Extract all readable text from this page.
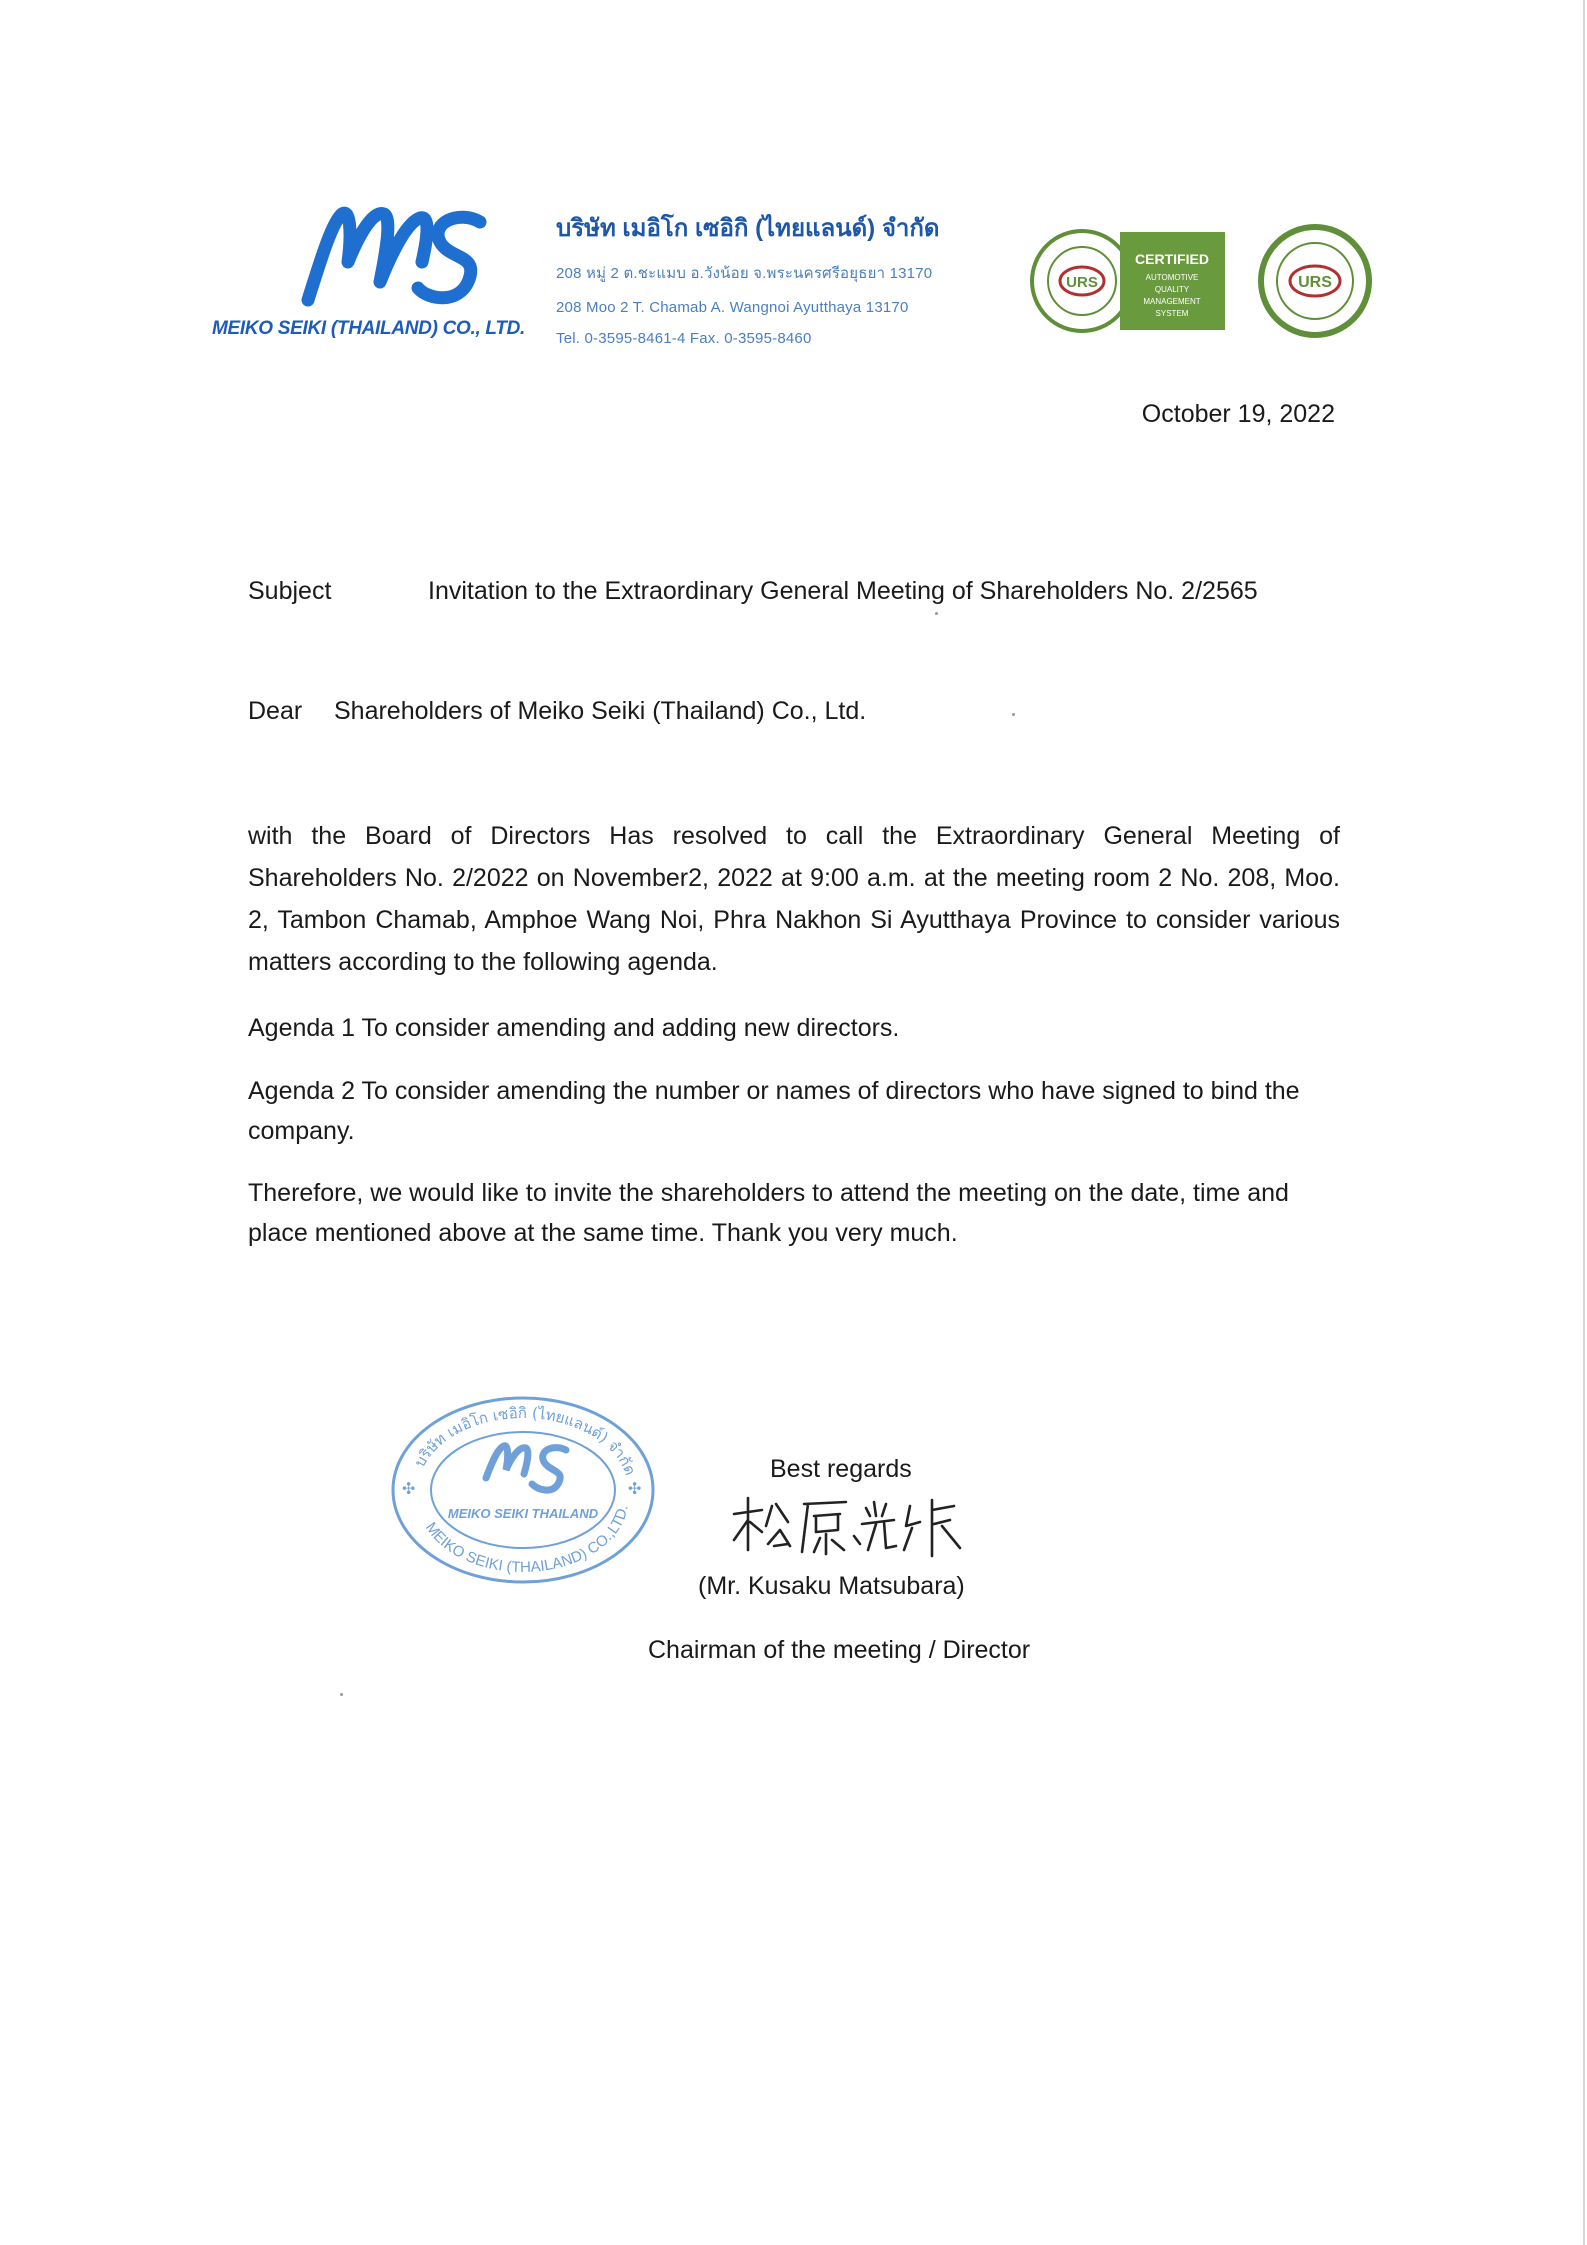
MEIKO SEIKI (THAILAND) CO., LTD.
บริษัท เมอิโก เซอิกิ (ไทยแลนด์) จำกัด
208 หมู่ 2 ต.ชะแมบ อ.วังน้อย จ.พระนครศรีอยุธยา 13170
208 Moo 2 T. Chamab A. Wangnoi Ayutthaya 13170
Tel. 0-3595-8461-4 Fax. 0-3595-8460
URS
CERTIFIED
AUTOMOTIVE
QUALITY
MANAGEMENT
SYSTEM
URS
October 19, 2022
Subject	Invitation to the Extraordinary General Meeting of Shareholders No. 2/2565
Dear Shareholders of Meiko Seiki (Thailand) Co., Ltd.

with the Board of Directors Has resolved to call the Extraordinary General Meeting of Shareholders No. 2/2022 on November2, 2022 at 9:00 a.m. at the meeting room 2 No. 208, Moo. 2, Tambon Chamab, Amphoe Wang Noi, Phra Nakhon Si Ayutthaya Province to consider various matters according to the following agenda.

Agenda 1 To consider amending and adding new directors.

Agenda 2 To consider amending the number or names of directors who have signed to bind the company.

Therefore, we would like to invite the shareholders to attend the meeting on the date, time and place mentioned above at the same time. Thank you very much.

MEIKO SEIKI THAILAND
✣	✣
บริษัท เมอิโก เซอิกิ (ไทยแลนด์) จำกัด
MEIKO SEIKI (THAILAND) CO.,LTD.
Best regards
(Mr. Kusaku Matsubara)
Chairman of the meeting / Director
